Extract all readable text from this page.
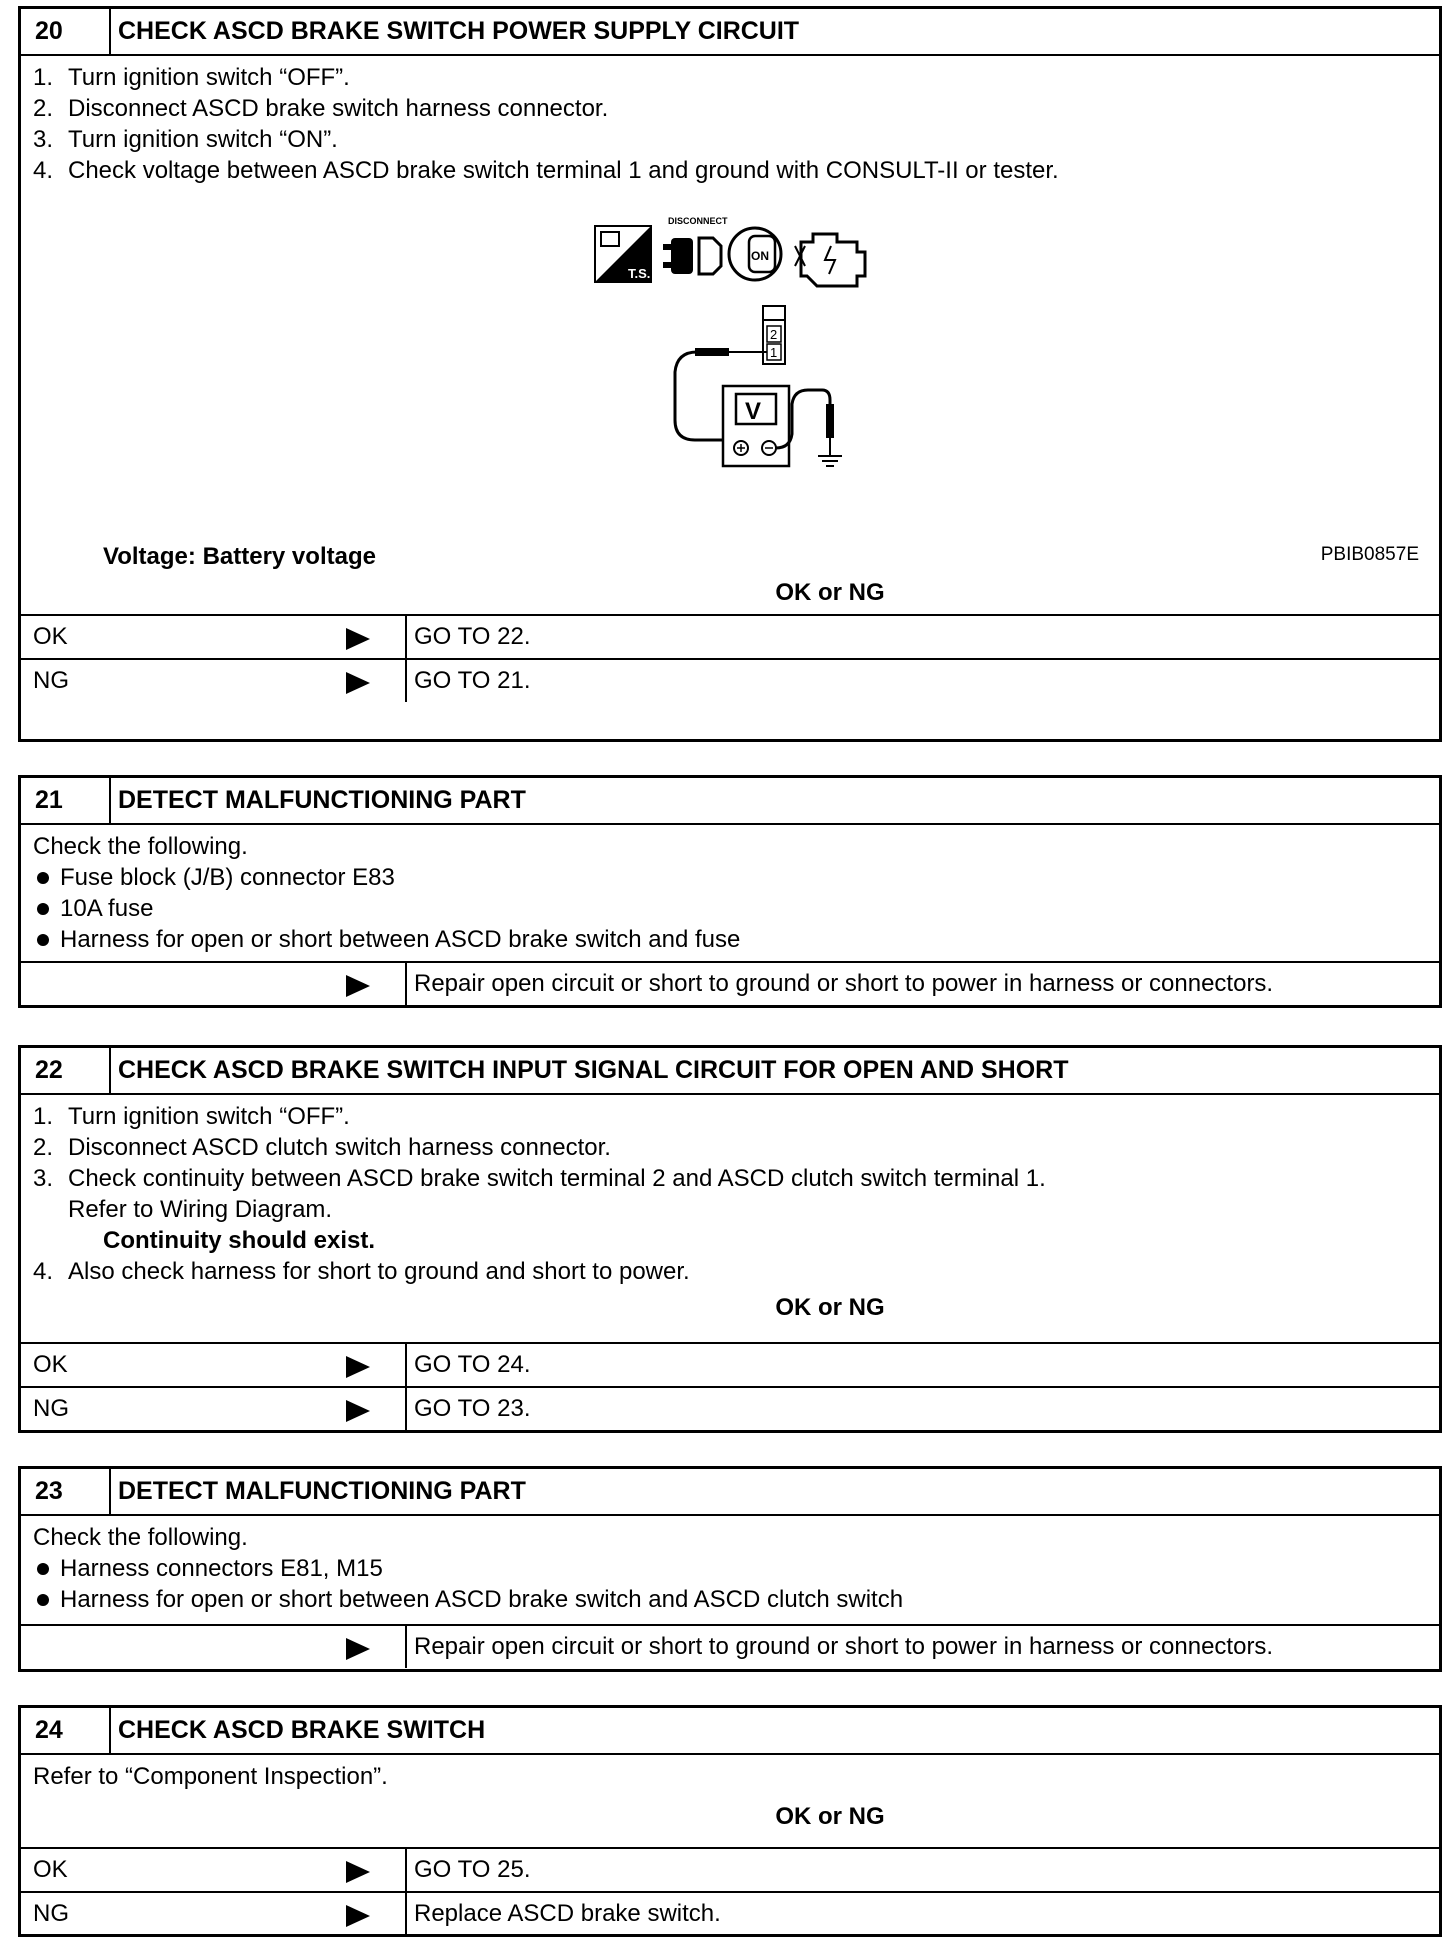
20	CHECK ASCD BRAKE SWITCH POWER SUPPLY CIRCUIT
1. Turn ignition switch “OFF”.
2. Disconnect ASCD brake switch harness connector.
3. Turn ignition switch “ON”.
4. Check voltage between ASCD brake switch terminal 1 and ground with CONSULT-II or tester.
T.S.
DISCONNECT
ON
2
1
V
PBIB0857E
Voltage: Battery voltage
OK or NG
OK	GO TO 22.
NG	GO TO 21.
21	DETECT MALFUNCTIONING PART
Check the following.
Fuse block (J/B) connector E83
10A fuse
Harness for open or short between ASCD brake switch and fuse
Repair open circuit or short to ground or short to power in harness or connectors.
22	CHECK ASCD BRAKE SWITCH INPUT SIGNAL CIRCUIT FOR OPEN AND SHORT
1. Turn ignition switch “OFF”.
2. Disconnect ASCD clutch switch harness connector.
3. Check continuity between ASCD brake switch terminal 2 and ASCD clutch switch terminal 1.
Refer to Wiring Diagram.
Continuity should exist.
4. Also check harness for short to ground and short to power.
OK or NG
OK	GO TO 24.
NG	GO TO 23.
23	DETECT MALFUNCTIONING PART
Check the following.
Harness connectors E81, M15
Harness for open or short between ASCD brake switch and ASCD clutch switch
Repair open circuit or short to ground or short to power in harness or connectors.
24	CHECK ASCD BRAKE SWITCH
Refer to “Component Inspection”.
OK or NG
OK	GO TO 25.
NG	Replace ASCD brake switch.
